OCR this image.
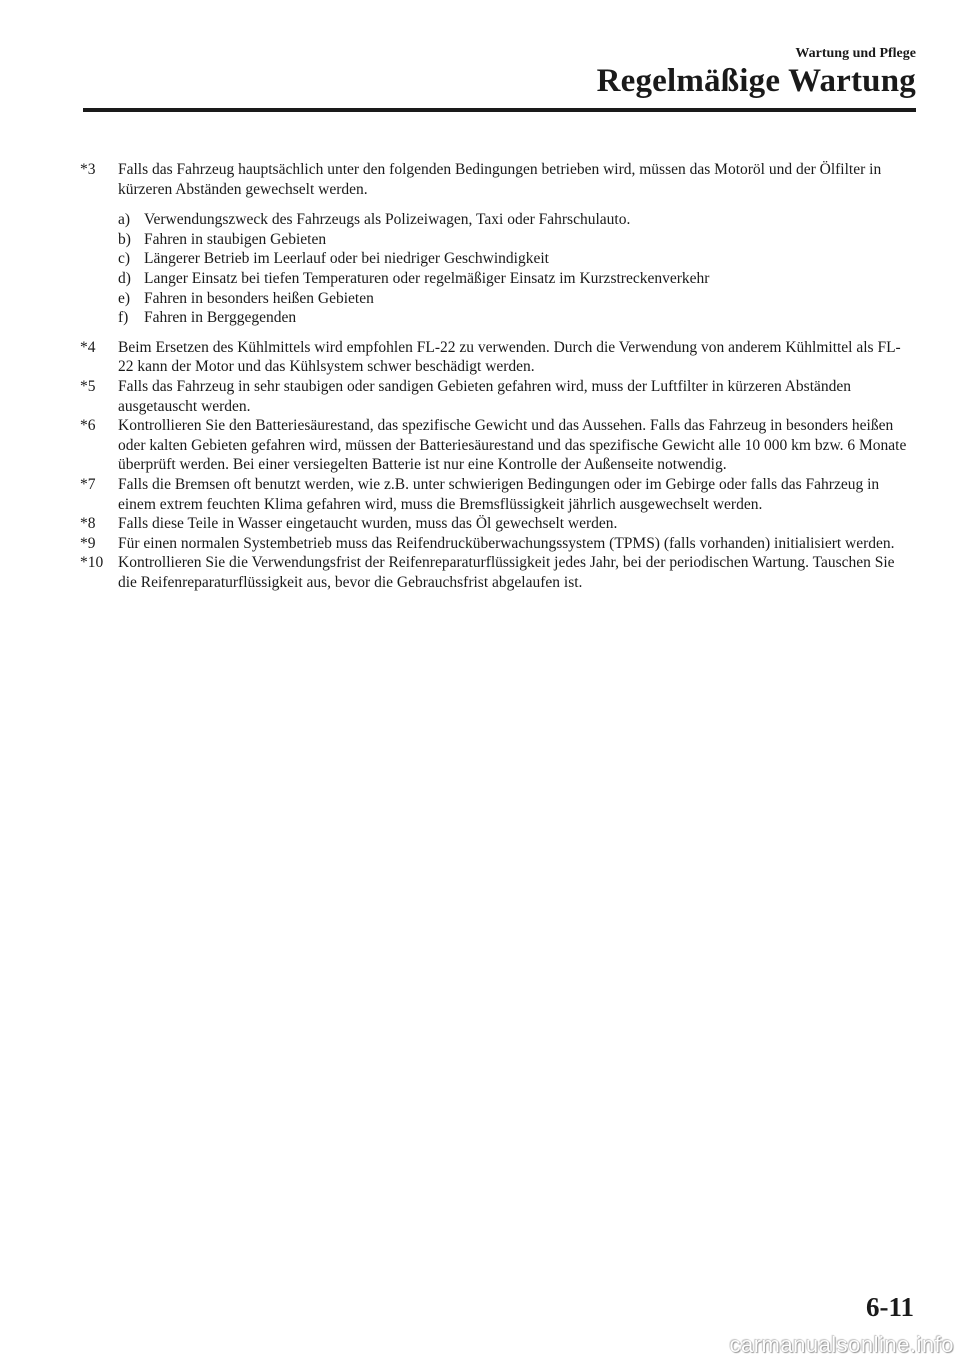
Wartung und Pflege
Regelmäßige Wartung
*3	Falls das Fahrzeug hauptsächlich unter den folgenden Bedingungen betrieben wird, müssen das Motoröl und der Ölfilter in kürzeren Abständen gewechselt werden.
a) Verwendungszweck des Fahrzeugs als Polizeiwagen, Taxi oder Fahrschulauto.
b) Fahren in staubigen Gebieten
c) Längerer Betrieb im Leerlauf oder bei niedriger Geschwindigkeit
d) Langer Einsatz bei tiefen Temperaturen oder regelmäßiger Einsatz im Kurzstreckenverkehr
e) Fahren in besonders heißen Gebieten
f)	Fahren in Berggegenden
*4	Beim Ersetzen des Kühlmittels wird empfohlen FL-22 zu verwenden. Durch die Verwendung von anderem Kühlmittel als FL-22 kann der Motor und das Kühlsystem schwer beschädigt werden.
*5	Falls das Fahrzeug in sehr staubigen oder sandigen Gebieten gefahren wird, muss der Luftfilter in kürzeren Abständen ausgetauscht werden.
*6	Kontrollieren Sie den Batteriesäurestand, das spezifische Gewicht und das Aussehen. Falls das Fahrzeug in besonders heißen oder kalten Gebieten gefahren wird, müssen der Batteriesäurestand und das spezifische Gewicht alle 10 000 km bzw. 6 Monate überprüft werden. Bei einer versiegelten Batterie ist nur eine Kontrolle der Außenseite notwendig.
*7	Falls die Bremsen oft benutzt werden, wie z.B. unter schwierigen Bedingungen oder im Gebirge oder falls das Fahrzeug in einem extrem feuchten Klima gefahren wird, muss die Bremsflüssigkeit jährlich ausgewechselt werden.
*8	Falls diese Teile in Wasser eingetaucht wurden, muss das Öl gewechselt werden.
*9	Für einen normalen Systembetrieb muss das Reifendrucküberwachungssystem (TPMS) (falls vorhanden) initialisiert werden.
*10 Kontrollieren Sie die Verwendungsfrist der Reifenreparaturflüssigkeit jedes Jahr, bei der periodischen Wartung. Tauschen Sie die Reifenreparaturflüssigkeit aus, bevor die Gebrauchsfrist abgelaufen ist.
6-11
carmanualsonline.info
